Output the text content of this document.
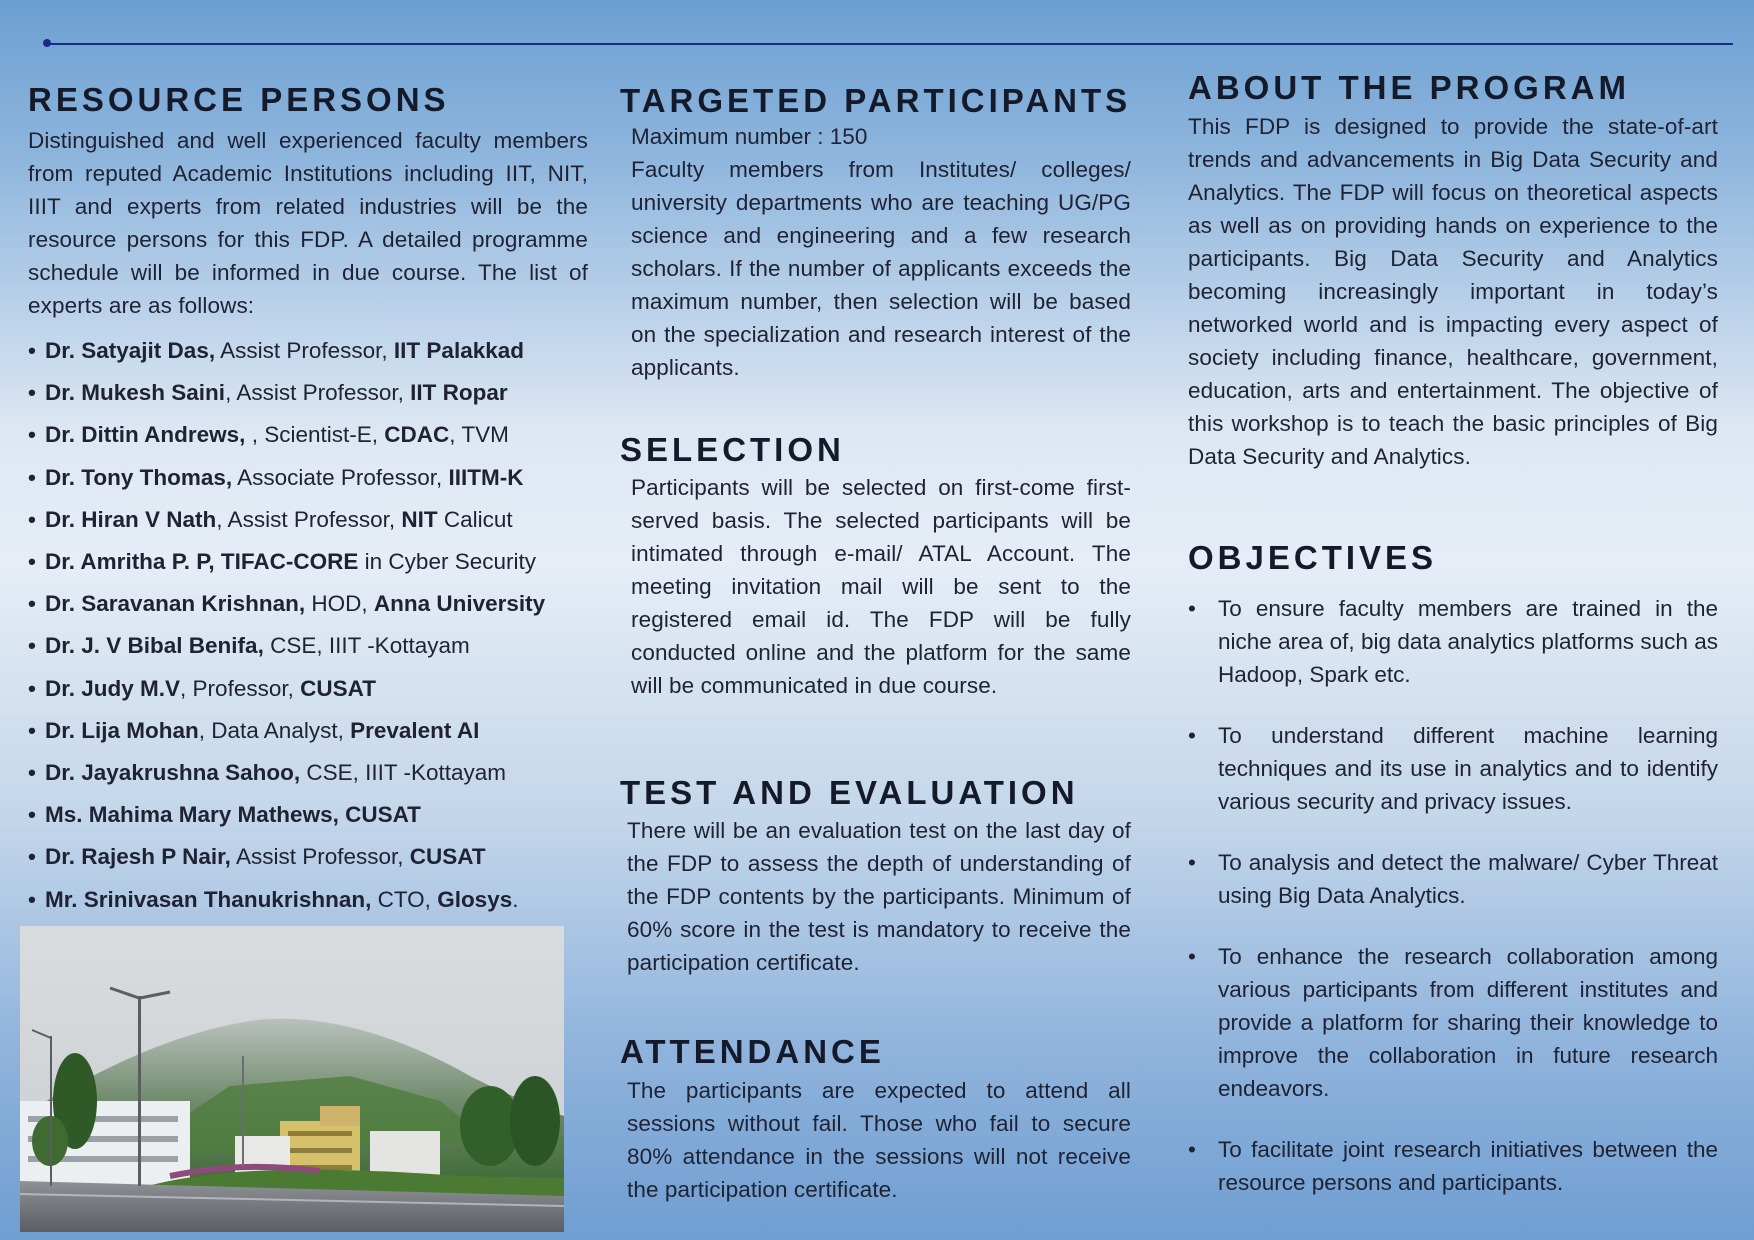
RESOURCE PERSONS

Distinguished and well experienced faculty members from reputed Academic Institutions including IIT, NIT, IIIT and experts from related industries will be the resource persons for this FDP. A detailed programme schedule will be informed in due course. The list of experts are as follows:

• Dr. Satyajit Das, Assist Professor, IIT Palakkad
• Dr. Mukesh Saini, Assist Professor, IIT Ropar
• Dr. Dittin Andrews, , Scientist-E, CDAC, TVM
• Dr. Tony Thomas, Associate Professor, IIITM-K
• Dr. Hiran V Nath, Assist Professor, NIT Calicut
• Dr. Amritha P. P, TIFAC-CORE in Cyber Security
• Dr. Saravanan Krishnan, HOD, Anna University
• Dr. J. V Bibal Benifa, CSE, IIIT -Kottayam
• Dr. Judy M.V, Professor, CUSAT
• Dr. Lija Mohan, Data Analyst, Prevalent AI
• Dr. Jayakrushna Sahoo, CSE, IIIT -Kottayam
• Ms. Mahima Mary Mathews, CUSAT
• Dr. Rajesh P Nair, Assist Professor, CUSAT
• Mr. Srinivasan Thanukrishnan, CTO, Glosys.
TARGETED PARTICIPANTS
Maximum number : 150

Faculty members from Institutes/ colleges/ university departments who are teaching UG/PG science and engineering and a few research scholars. If the number of applicants exceeds the maximum number, then selection will be based on the specialization and research interest of the applicants.

SELECTION

Participants will be selected on first-come first-served basis. The selected participants will be intimated through e-mail/ ATAL Account. The meeting invitation mail will be sent to the registered email id. The FDP will be fully conducted online and the platform for the same will be communicated in due course.

TEST AND EVALUATION

There will be an evaluation test on the last day of the FDP to assess the depth of understanding of the FDP contents by the participants. Minimum of 60% score in the test is mandatory to receive the participation certificate.

ATTENDANCE

The participants are expected to attend all sessions without fail. Those who fail to secure 80% attendance in the sessions will not receive the participation certificate.

ABOUT THE PROGRAM

This FDP is designed to provide the state-of-art trends and advancements in Big Data Security and Analytics. The FDP will focus on theoretical aspects as well as on providing hands on experience to the participants. Big Data Security and Analytics becoming increasingly important in today’s networked world and is impacting every aspect of society including finance, healthcare, government, education, arts and entertainment. The objective of this workshop is to teach the basic principles of Big Data Security and Analytics.

OBJECTIVES
• To ensure faculty members are trained in the niche area of, big data analytics platforms such as Hadoop, Spark etc.
• To understand different machine learning techniques and its use in analytics and to identify various security and privacy issues.
• To analysis and detect the malware/ Cyber Threat using Big Data Analytics.
• To enhance the research collaboration among various participants from different institutes and provide a platform for sharing their knowledge to improve the collaboration in future research endeavors.
• To facilitate joint research initiatives between the resource persons and participants.
